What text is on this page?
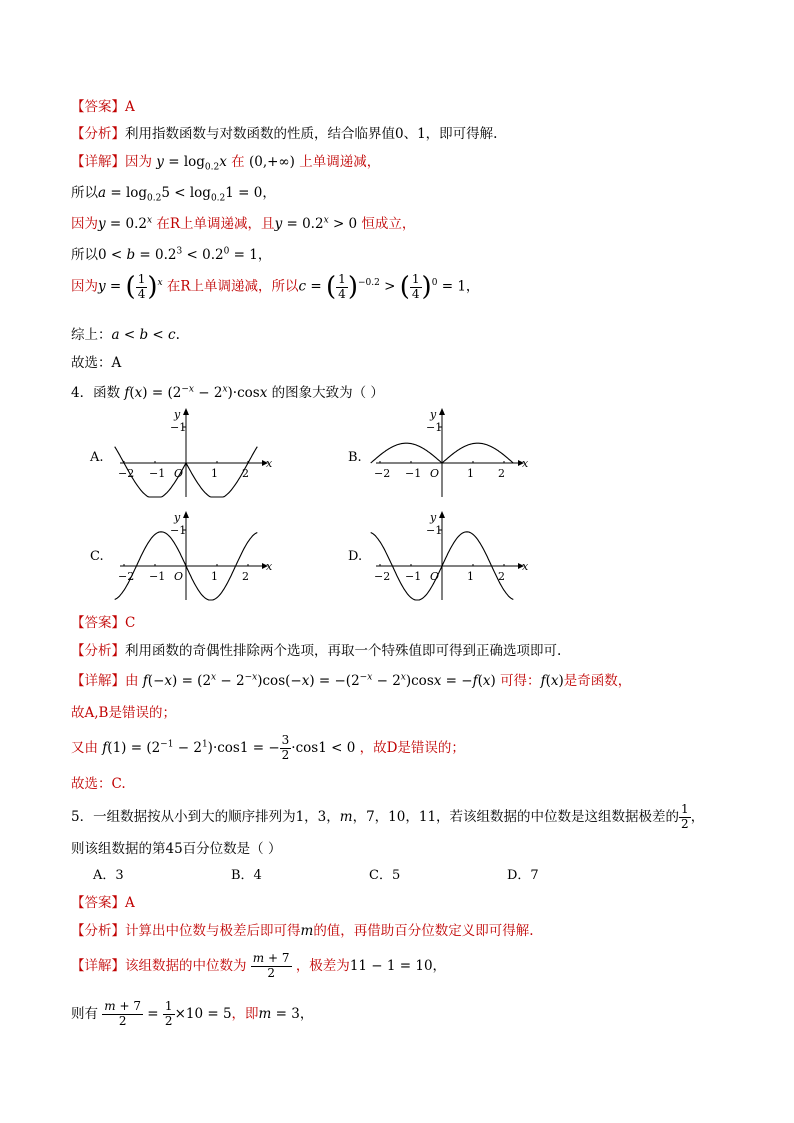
【答案】A
【分析】利用指数函数与对数函数的性质，结合临界值0、1，即可得解.
【详解】因为 $y = \log_{0.2}x$ 在 (0,+∞) 上单调递减，
所以$a = \log_{0.2}5 < \log_{0.2}1 = 0$，
因为$y = 0.2^x$ 在R上单调递减，且$y = 0.2^x > 0$ 恒成立，
所以$0 < b = 0.2^3 < 0.2^0 = 1$，
因为y = ( $\frac{1}{4} )^x$ 在R上单调递减，所以c = ( $\frac{1}{4} )^{-0.2}$ > ( $\frac{1}{4} )^0 = 1$，
综上：a < b < c.
故选：A
4．函数 $f(x) = (2^{-x} - 2^x)\cdot\cos x$ 的图象大致为（ ）
A.	B.
C.	D.
−2 −1	1 2
O
y
x
−1
−2 −1	1 2
O
y
x
−1
−2 −1	1 2
O
y
x
−1
−2 −1	1 2
O
y
x
−1
【答案】C
【分析】利用函数的奇偶性排除两个选项，再取一个特殊值即可得到正确选项即可.
【详解】由 $f(-x) = (2^x - 2^{-x})\cos(-x) = -(2^{-x} - 2^x)\cos x = -f(x)$ 可得：f(x)是奇函数，
故A,B是错误的；
又由 $f(1) = (2^{-1} - 2^1)\cdot\cos 1$ = − $\frac{3}{2} \cdot\cos 1 < 0$ ，故D是错误的；
故选：C.
5．一组数据按从小到大的顺序排列为1，3，m，7，10，11，若该组数据的中位数是这组数据极差的 $\frac{1}{2}$ ，
则该组数据的第45百分位数是（ ）
A．3	B．4	C．5	D．7
【答案】A
【分析】计算出中位数与极差后即可得m的值，再借助百分位数定义即可得解.
【详解】该组数据的中位数为 $\frac{m + 7}{2}$ ，极差为11 − 1 = 10，
则有 $\frac{m + 7}{2} = \frac{1}{2} \times 10 = 5$，即m = 3，
